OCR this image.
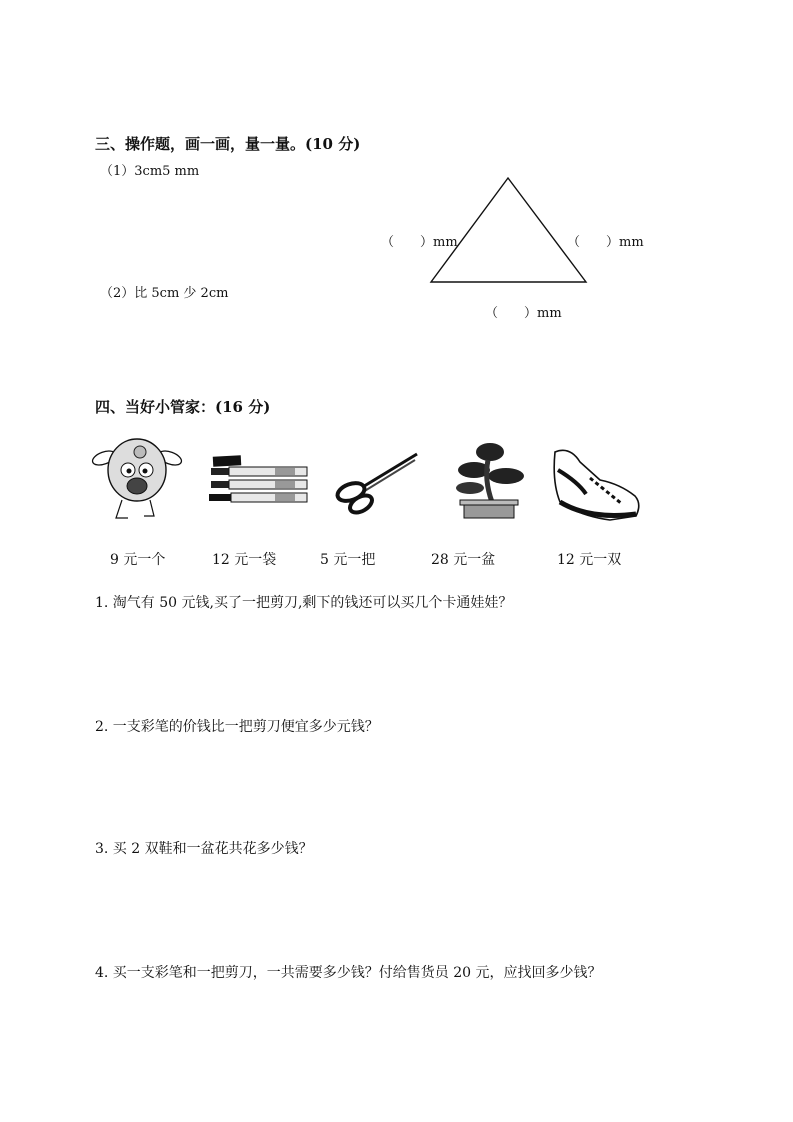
三、操作题，画一画，量一量。(10 分)
（1）3cm5 mm
（2）比 5cm 少 2cm
（　　）mm	（　　）mm
（　　）mm
四、当好小管家：(16 分)
9 元一个	12 元一袋	5 元一把	28 元一盆	12 元一双
1. 淘气有 50 元钱,买了一把剪刀,剩下的钱还可以买几个卡通娃娃？
2. 一支彩笔的价钱比一把剪刀便宜多少元钱？
3. 买 2 双鞋和一盆花共花多少钱？
4. 买一支彩笔和一把剪刀，一共需要多少钱？付给售货员 20 元，应找回多少钱？
